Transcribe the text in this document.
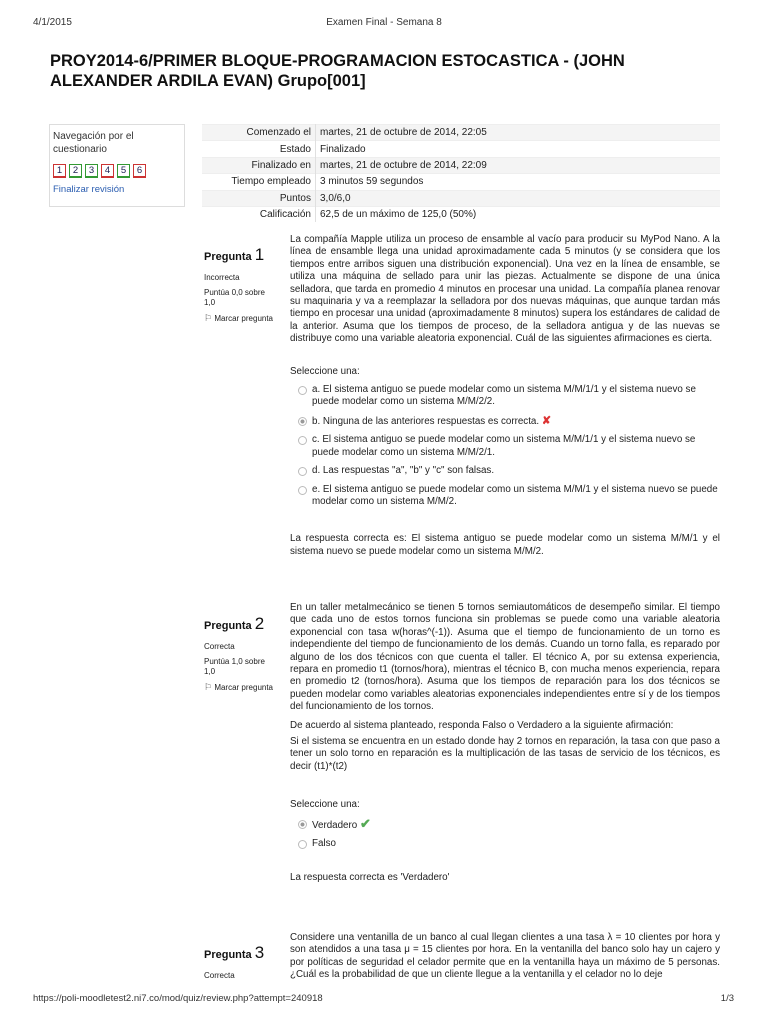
4/1/2015	Examen Final - Semana 8
PROY2014-6/PRIMER BLOQUE-PROGRAMACION ESTOCASTICA - (JOHN ALEXANDER ARDILA EVAN) Grupo[001]
Navegación por el cuestionario
1	2	3	4	5	6
Finalizar revisión
Comenzado el	martes, 21 de octubre de 2014, 22:05
Estado	Finalizado
Finalizado en	martes, 21 de octubre de 2014, 22:09
Tiempo empleado	3 minutos 59 segundos
Puntos	3,0/6,0
Calificación	62,5 de un máximo de 125,0 (50%)
Pregunta 1
Incorrecta
Puntúa 0,0 sobre 1,0
⚐ Marcar pregunta

La compañía Mapple utiliza un proceso de ensamble al vacío para producir su MyPod Nano. A la línea de ensamble llega una unidad aproximadamente cada 5 minutos (y se considera que los tiempos entre arribos siguen una distribución exponencial). Una vez en la línea de ensamble, se utiliza una máquina de sellado para unir las piezas. Actualmente se dispone de una única selladora, que tarda en promedio 4 minutos en procesar una unidad. La compañía planea renovar su maquinaria y va a reemplazar la selladora por dos nuevas máquinas, que aunque tardan más tiempo en procesar una unidad (aproximadamente 8 minutos) supera los estándares de calidad de la anterior. Asuma que los tiempos de proceso, de la selladora antigua y de las nuevas se distribuye como una variable aleatoria exponencial. Cuál de las siguientes afirmaciones es cierta.

Seleccione una:

a. El sistema antiguo se puede modelar como un sistema M/M/1/1 y el sistema nuevo se puede modelar como un sistema M/M/2/2.
b. Ninguna de las anteriores respuestas es correcta. ✘
c. El sistema antiguo se puede modelar como un sistema M/M/1/1 y el sistema nuevo se puede modelar como un sistema M/M/2/1.
d. Las respuestas "a", "b" y "c" son falsas.
e. El sistema antiguo se puede modelar como un sistema M/M/1 y el sistema nuevo se puede modelar como un sistema M/M/2.

La respuesta correcta es: El sistema antiguo se puede modelar como un sistema M/M/1 y el sistema nuevo se puede modelar como un sistema M/M/2.

Pregunta 2
Correcta
Puntúa 1,0 sobre 1,0
⚐ Marcar pregunta

En un taller metalmecánico se tienen 5 tornos semiautomáticos de desempeño similar. El tiempo que cada uno de estos tornos funciona sin problemas se puede como una variable aleatoria exponencial con tasa w(horas^(-1)). Asuma que el tiempo de funcionamiento de un torno es independiente del tiempo de funcionamiento de los demás. Cuando un torno falla, es reparado por alguno de los dos técnicos con que cuenta el taller. El técnico A, por su extensa experiencia, repara en promedio t1 (tornos/hora), mientras el técnico B, con mucha menos experiencia, repara en promedio t2 (tornos/hora). Asuma que los tiempos de reparación para los dos técnicos se pueden modelar como variables aleatorias exponenciales independientes entre sí y de los tiempos del funcionamiento de los tornos.

De acuerdo al sistema planteado, responda Falso o Verdadero a la siguiente afirmación:

Si el sistema se encuentra en un estado donde hay 2 tornos en reparación, la tasa con que paso a tener un solo torno en reparación es la multiplicación de las tasas de servicio de los técnicos, es decir (t1)*(t2)

Seleccione una:

Verdadero ✔
Falso

La respuesta correcta es 'Verdadero'

Pregunta 3
Correcta

Considere una ventanilla de un banco al cual llegan clientes a una tasa λ = 10 clientes por hora y son atendidos a una tasa μ = 15 clientes por hora. En la ventanilla del banco solo hay un cajero y por políticas de seguridad el celador permite que en la ventanilla haya un máximo de 5 personas. ¿Cuál es la probabilidad de que un cliente llegue a la ventanilla y el celador no lo deje

https://poli-moodletest2.ni7.co/mod/quiz/review.php?attempt=240918	1/3
